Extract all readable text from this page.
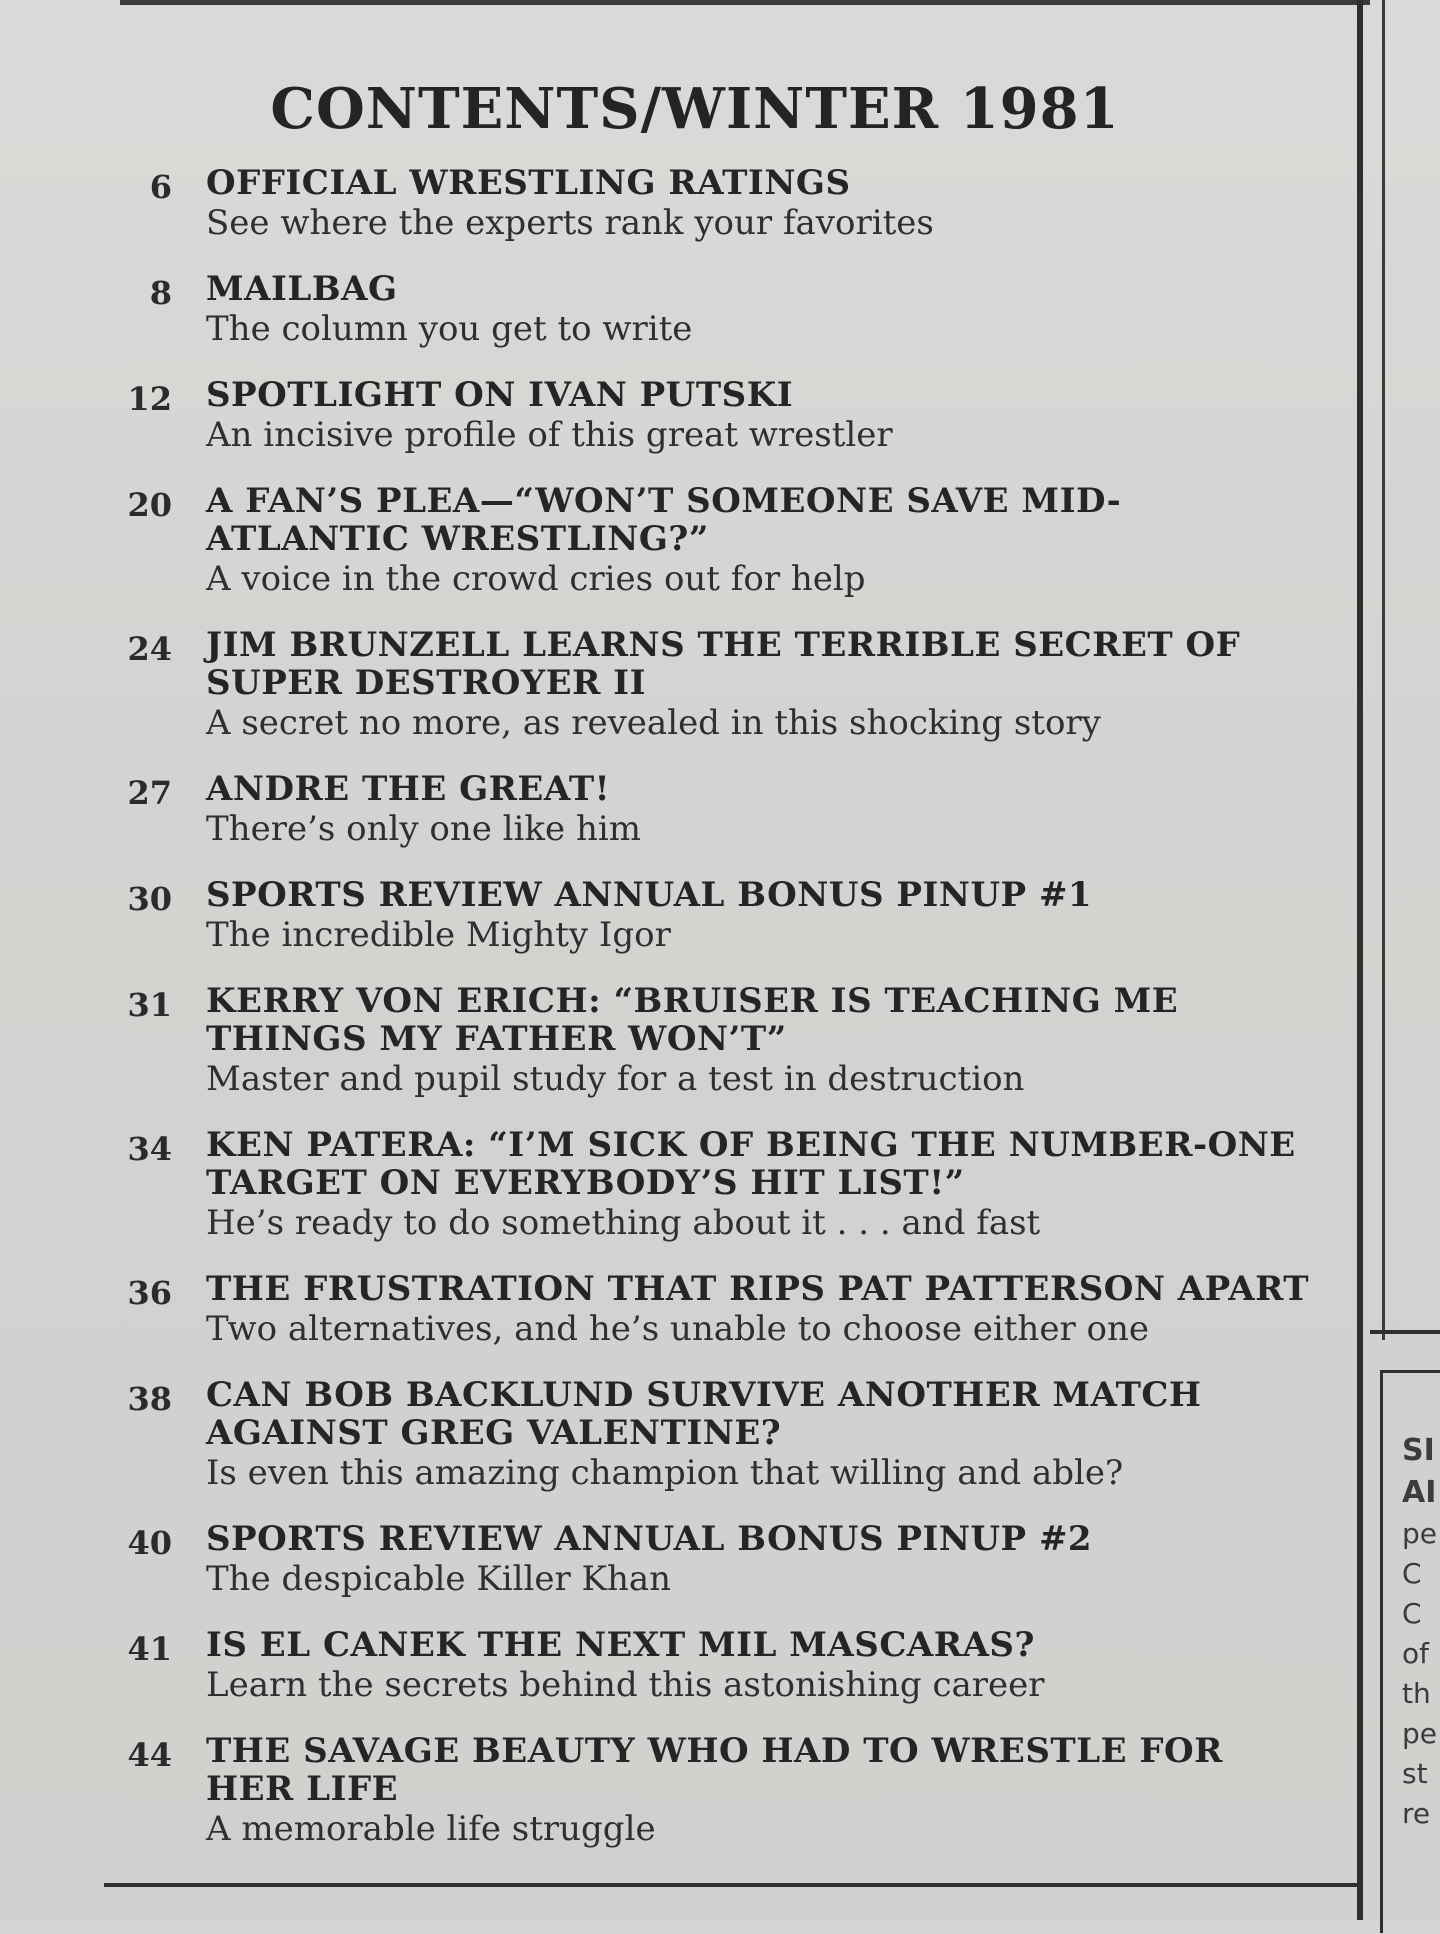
CONTENTS/WINTER 1981
6 OFFICIAL WRESTLING RATINGS
See where the experts rank your favorites
8 MAILBAG
The column you get to write
12 SPOTLIGHT ON IVAN PUTSKI
An incisive profile of this great wrestler
20 A FAN’S PLEA—“WON’T SOMEONE SAVE MID-ATLANTIC WRESTLING?”
A voice in the crowd cries out for help
24 JIM BRUNZELL LEARNS THE TERRIBLE SECRET OF SUPER DESTROYER II
A secret no more, as revealed in this shocking story
27 ANDRE THE GREAT!
There’s only one like him
30 SPORTS REVIEW ANNUAL BONUS PINUP #1
The incredible Mighty Igor
31 KERRY VON ERICH: “BRUISER IS TEACHING ME THINGS MY FATHER WON’T”
Master and pupil study for a test in destruction
34 KEN PATERA: “I’M SICK OF BEING THE NUMBER-ONE TARGET ON EVERYBODY’S HIT LIST!”
He’s ready to do something about it . . . and fast
36 THE FRUSTRATION THAT RIPS PAT PATTERSON APART
Two alternatives, and he’s unable to choose either one
38 CAN BOB BACKLUND SURVIVE ANOTHER MATCH AGAINST GREG VALENTINE?
Is even this amazing champion that willing and able?
40 SPORTS REVIEW ANNUAL BONUS PINUP #2
The despicable Killer Khan
41 IS EL CANEK THE NEXT MIL MASCARAS?
Learn the secrets behind this astonishing career
44 THE SAVAGE BEAUTY WHO HAD TO WRESTLE FOR HER LIFE
A memorable life struggle
SI
AI
pe
C
C
of
th
pe
st
re
